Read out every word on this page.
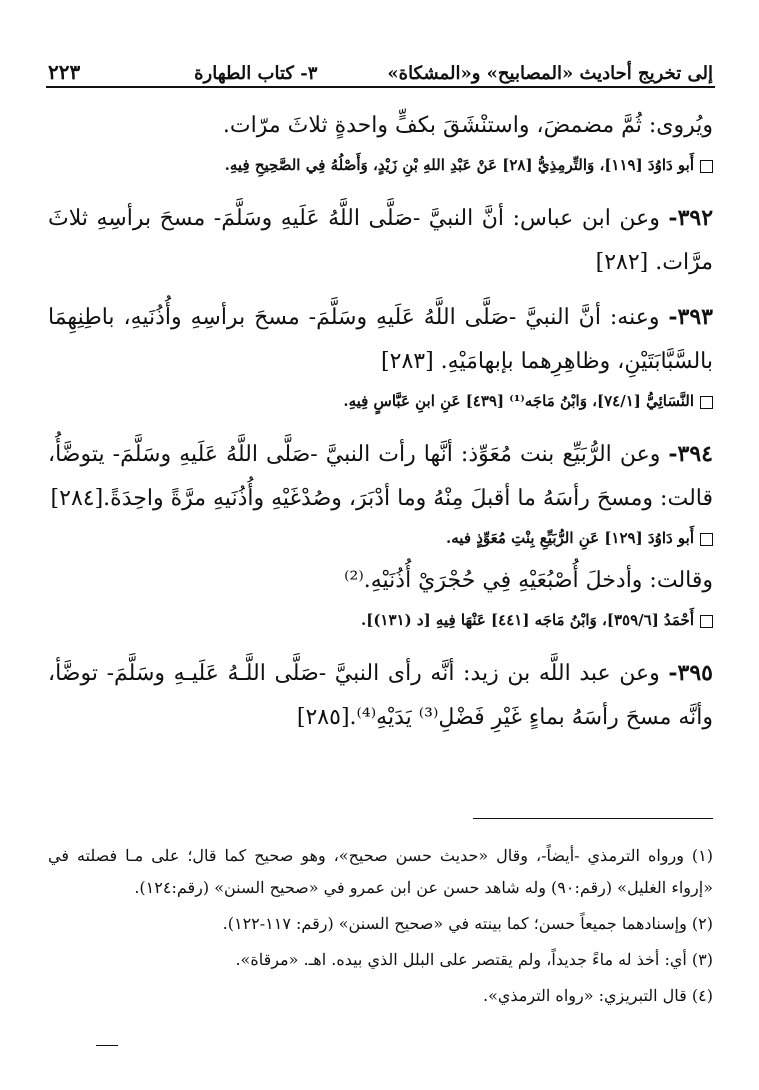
إلى تخريج أحاديث «المصابيح» و«المشكاة»
٣- كتاب الطهارة
٢٢٣

ويُروى: ثُمَّ مضمضَ، واستنْشَقَ بكفٍّ واحدةٍ ثلاثَ مرّات.

أَبو دَاوُدَ [١١٩]، وَالتِّرمِذِيُّ [٢٨] عَنْ عَبْدِ اللهِ بْنِ زَيْدٍ، وَأَصْلُهُ فِي الصَّحِيحِ فِيهِ.

٣٩٢- وعن ابن عباس: أنَّ النبيَّ -صَلَّى اللَّهُ عَلَيهِ وسَلَّمَ- مسحَ برأسِهِ ثلاثَ مرَّات. [٢٨٢]

٣٩٣- وعنه: أنَّ النبيَّ -صَلَّى اللَّهُ عَلَيهِ وسَلَّمَ- مسحَ برأسِهِ وأُذُنَيهِ، باطِنِهِمَا بالسَّبَّابَتَيْنِ، وظاهِرِهما بإبهامَيْهِ. [٢٨٣]

النَّسَائِيُّ [٧٤/١]، وَابْنُ مَاجَه⁽¹⁾ [٤٣٩] عَنِ ابنِ عَبَّاسٍ فِيهِ.

٣٩٤- وعن الرُّبَيِّع بنت مُعَوِّذ: أنَّها رأت النبيَّ -صَلَّى اللَّهُ عَلَيهِ وسَلَّمَ- يتوضَّأُ، قالت: ومسحَ رأسَهُ ما أقبلَ مِنْهُ وما أدْبَرَ، وصُدْغَيْهِ وأُذُنَيهِ مرَّةً واحِدَةً.[٢٨٤]

أَبو دَاوُدَ [١٢٩] عَنِ الرُّبَيِّعِ بِنْتِ مُعَوِّذٍ فيه.

وقالت: وأدخلَ أُصْبُعَيْهِ فِي حُجْرَيْ أُذُنَيْهِ.⁽²⁾

أَحْمَدُ [٣٥٩/٦]، وَابْنُ مَاجَه [٤٤١] عَنْهَا فِيهِ [د (١٣١)].

٣٩٥- وعن عبد اللَّه بن زيد: أنَّه رأى النبيَّ -صَلَّى اللَّـهُ عَلَيـهِ وسَلَّمَ- توضَّأ، وأنَّه مسحَ رأسَهُ بماءٍ غَيْرِ فَضْلِ⁽³⁾ يَدَيْهِ⁽⁴⁾.[٢٨٥]

(١) ورواه الترمذي -أيضاً-، وقال «حديث حسن صحيح»، وهو صحيح كما قال؛ على مـا فصلته في «إرواء الغليل» (رقم:٩٠) وله شاهد حسن عن ابن عمرو في «صحيح السنن» (رقم:١٢٤).

(٢) وإسنادهما جميعاً حسن؛ كما بينته في «صحيح السنن» (رقم: ١١٧-١٢٢).

(٣) أي: أخذ له ماءً جديداً، ولم يقتصر على البلل الذي بيده. اهـ. «مرقاة».

(٤) قال التبريزي: «رواه الترمذي».
